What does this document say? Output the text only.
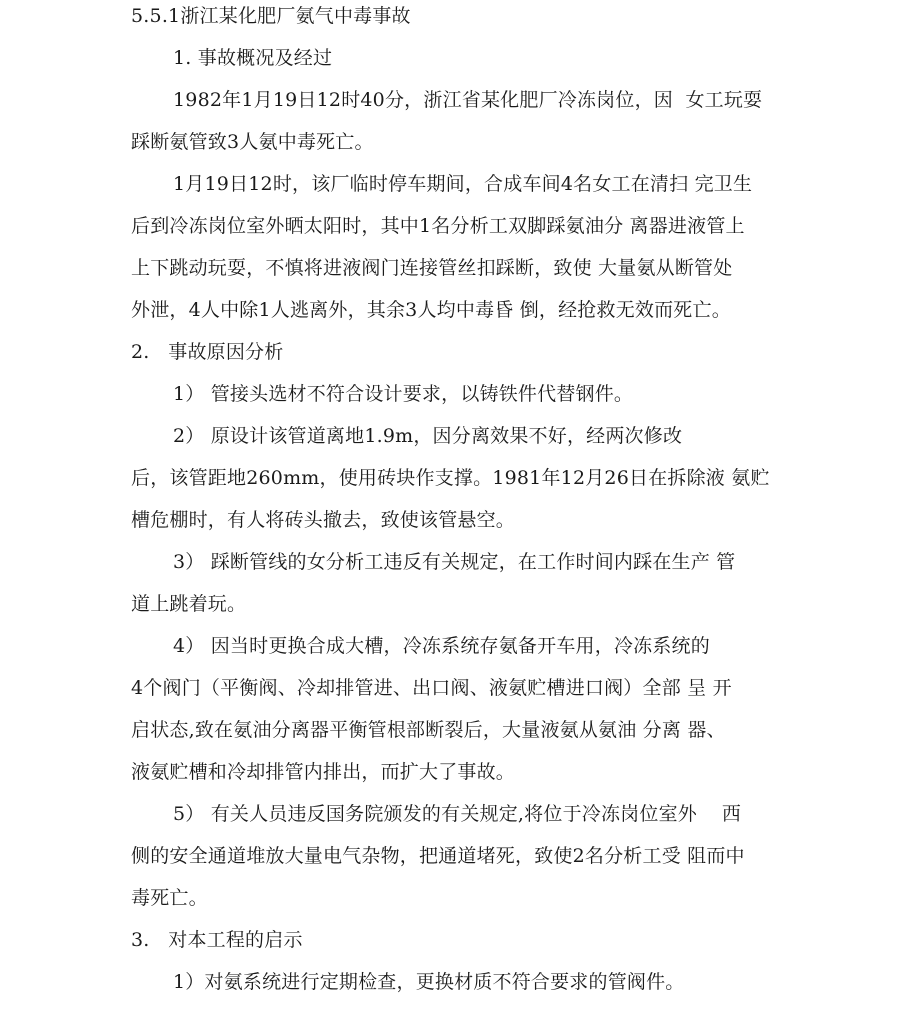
5.5.1浙江某化肥厂氨气中毒事故
1. 事故概况及经过
1982年1月19日12时40分，浙江省某化肥厂冷冻岗位，因  女工玩耍
踩断氨管致3人氨中毒死亡。
1月19日12时，该厂临时停车期间，合成车间4名女工在清扫 完卫生
后到冷冻岗位室外晒太阳时，其中1名分析工双脚踩氨油分 离器进液管上
上下跳动玩耍，不慎将进液阀门连接管丝扣踩断，致使 大量氨从断管处
外泄，4人中除1人逃离外，其余3人均中毒昏 倒，经抢救无效而死亡。
2.   事故原因分析
1） 管接头选材不符合设计要求，以铸铁件代替钢件。
2） 原设计该管道离地1.9m，因分离效果不好，经两次修改
后，该管距地260mm，使用砖块作支撑。1981年12月26日在拆除液 氨贮
槽危棚时，有人将砖头撤去，致使该管悬空。
3） 踩断管线的女分析工违反有关规定，在工作时间内踩在生产 管
道上跳着玩。
4） 因当时更换合成大槽，冷冻系统存氨备开车用，冷冻系统的
4个阀门（平衡阀、冷却排管进、出口阀、液氨贮槽进口阀）全部 呈 开
启状态,致在氨油分离器平衡管根部断裂后，大量液氨从氨油 分离 器、
液氨贮槽和冷却排管内排出，而扩大了事故。
5） 有关人员违反国务院颁发的有关规定,将位于冷冻岗位室外    西
侧的安全通道堆放大量电气杂物，把通道堵死，致使2名分析工受 阻而中
毒死亡。
3.   对本工程的启示
1）对氨系统进行定期检查，更换材质不符合要求的管阀件。
